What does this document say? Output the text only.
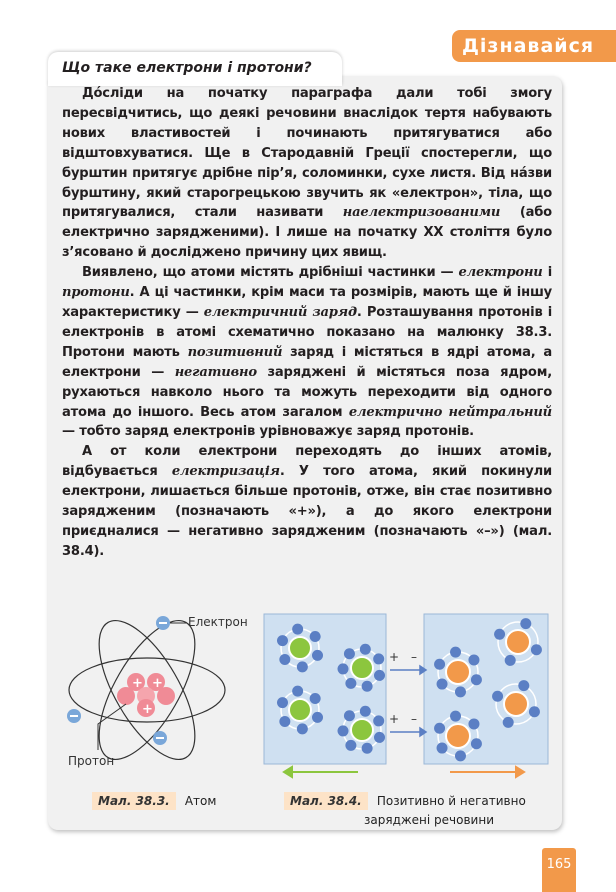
Дізнавайся
Що таке електрони і протони?

До́сліди на початку параграфа дали тобі змогу пересвідчитись, що деякі речовини внаслідок тертя набувають нових властивостей і починають притягуватися або відштовхуватися. Ще в Стародавній Греції спостерегли, що бурштин притягує дрібне пір’я, соломинки, сухе листя. Від на́зви бурштину, який старогрецькою звучить як «електрон», тіла, що притягувалися, стали називати наелектризованими (або електрично зарядженими). І лише на початку XX століття було з’ясовано й досліджено причину цих явищ.

Виявлено, що атоми містять дрібніші частинки — електрони і протони. А ці частинки, крім маси та розмірів, мають ще й іншу характеристику — електричний заряд. Розташування протонів і електронів в атомі схематично показано на малюнку 38.3. Протони мають позитивний заряд і містяться в ядрі атома, а електрони — негативно заряджені й містяться поза ядром, рухаються навколо нього та можуть переходити від одного атома до іншого. Весь атом загалом електрично нейтральний — тобто заряд електронів урівноважує заряд протонів.

А от коли електрони переходять до інших атомів, відбувається електризація. У того атома, який покинули електрони, лишається більше протонів, отже, він стає позитивно зарядженим (позначають «+»), а до якого електрони приєдналися — негативно зарядженим (позначають «–») (мал. 38.4).

+ +
+
Електрон
Протон
Мал. 38.3. Атом
+ –
+ –
Мал. 38.4. Позитивно й негативно
заряджені речовини
165
